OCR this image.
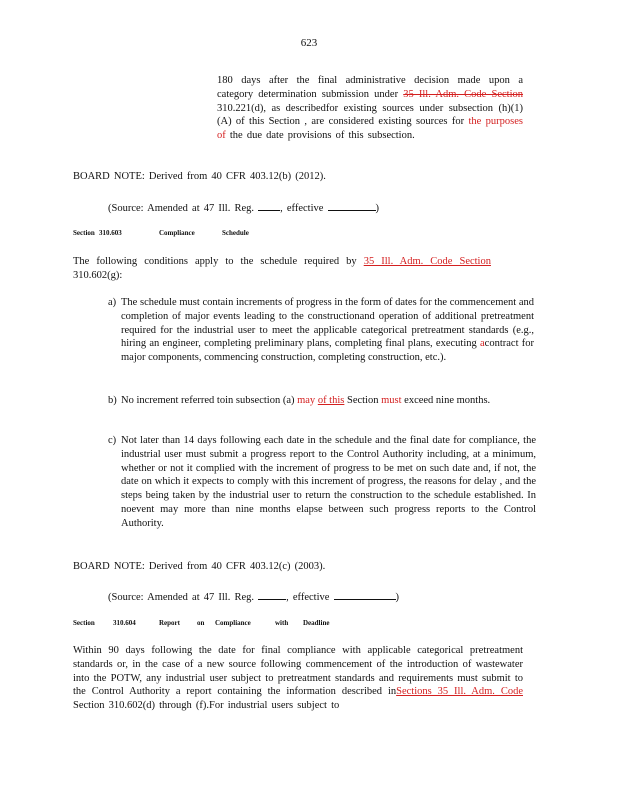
623
180 days after the final administrative decision made upon a category determination submission under 35 Ill. Adm. Code Section 310.221(d), as describedfor existing sources under subsection (h)(1)(A) of this Section , are considered existing sources for the purposes of the due date provisions of this subsection.
BOARD NOTE: Derived from 40 CFR 403.12(b) (2012).
(Source: Amended at 47 Ill. Reg. , effective	)
Section 310.603	Compliance	Schedule
The following conditions apply to the schedule required by 35 Ill. Adm. Code Section 310.602(g):
a) The schedule must contain increments of progress in the form of dates for the commencement and completion of major events leading to the constructionand operation of additional pretreatment required for the industrial user to meet the applicable categorical pretreatment standards (e.g., hiring an engineer, completing preliminary plans, completing final plans, executing acontract for major components, commencing construction, completing construction, etc.).
b) No increment referred toin subsection (a) may of this Section must exceed nine months.
c) Not later than 14 days following each date in the schedule and the final date for compliance, the industrial user must submit a progress report to the Control Authority including, at a minimum, whether or not it complied with the increment of progress to be met on such date and, if not, the date on which it expects to comply with this increment of progress, the reasons for delay , and the steps being taken by the industrial user to return the construction to the schedule established. In noevent may more than nine months elapse between such progress reports to the Control Authority.
BOARD NOTE: Derived from 40 CFR 403.12(c) (2003).
(Source: Amended at 47 Ill. Reg.	, effective	)
Section	310.604	Report on Compliance	with Deadline
Within 90 days following the date for final compliance with applicable categorical pretreatment standards or, in the case of a new source following commencement of the introduction of wastewater into the POTW, any industrial user subject to pretreatment standards and requirements must submit to the Control Authority a report containing the information described inSections 35 Ill. Adm. Code Section 310.602(d) through (f).For industrial users subject to
